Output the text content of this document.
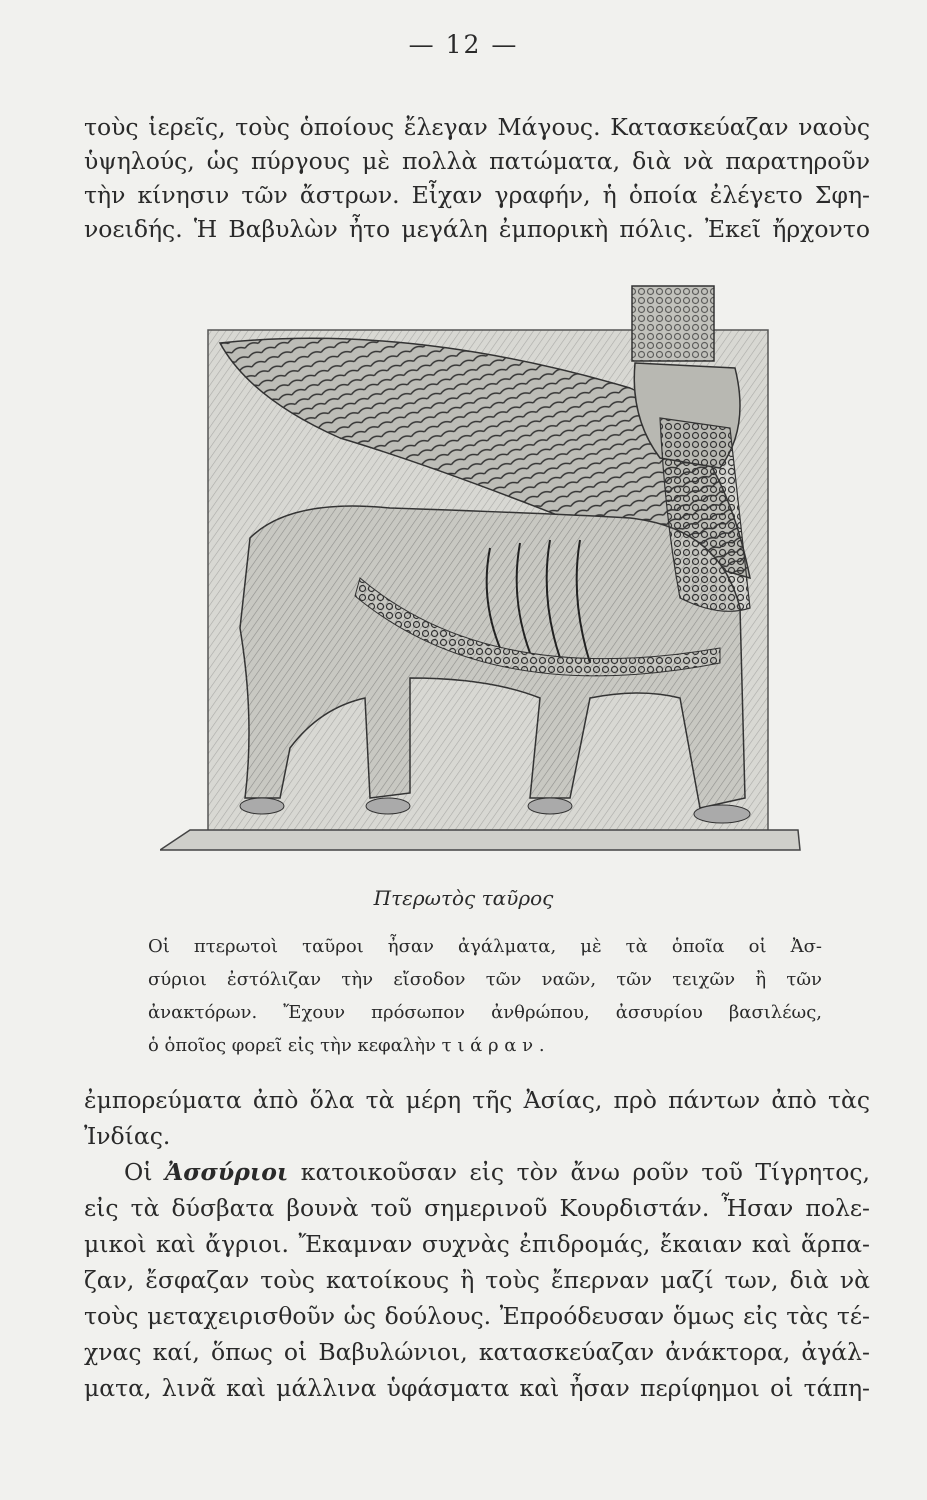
— 12 —
τοὺς ἱερεῖς, τοὺς ὁποίους ἔλεγαν Μάγους. Κατασκεύαζαν ναοὺς
ὑψηλούς, ὡς πύργους μὲ πολλὰ πατώματα, διὰ νὰ παρατηροῦν
τὴν κίνησιν τῶν ἄστρων. Εἶχαν γραφήν, ἡ ὁποία ἐλέγετο Σφη-
νοειδής. Ἡ Βαβυλὼν ἦτο μεγάλη ἐμπορικὴ πόλις. Ἐκεῖ ἤρχοντο
Πτερωτὸς ταῦρος
Οἱ πτερωτοὶ ταῦροι ἦσαν ἀγάλματα, μὲ τὰ ὁποῖα οἱ Ἀσ-
σύριοι ἐστόλιζαν τὴν εἴσοδον τῶν ναῶν, τῶν τειχῶν ἢ τῶν
ἀνακτόρων. Ἔχουν πρόσωπον ἀνθρώπου, ἀσσυρίου βασιλέως,
ὁ ὁποῖος φορεῖ εἰς τὴν κεφαλὴν τ ι ά ρ α ν .
ἐμπορεύματα ἀπὸ ὅλα τὰ μέρη τῆς Ἀσίας, πρὸ πάντων ἀπὸ τὰς
Ἰνδίας.
Οἱ Ἀσσύριοι κατοικοῦσαν εἰς τὸν ἄνω ροῦν τοῦ Τίγρητος,
εἰς τὰ δύσβατα βουνὰ τοῦ σημερινοῦ Κουρδιστάν. Ἦσαν πολε-
μικοὶ καὶ ἄγριοι. Ἔκαμναν συχνὰς ἐπιδρομάς, ἔκαιαν καὶ ἅρπα-
ζαν, ἔσφαζαν τοὺς κατοίκους ἢ τοὺς ἔπερναν μαζί των, διὰ νὰ
τοὺς μεταχειρισθοῦν ὡς δούλους. Ἐπροόδευσαν ὅμως εἰς τὰς τέ-
χνας καί, ὅπως οἱ Βαβυλώνιοι, κατασκεύαζαν ἀνάκτορα, ἀγάλ-
ματα, λινᾶ καὶ μάλλινα ὑφάσματα καὶ ἦσαν περίφημοι οἱ τάπη-
